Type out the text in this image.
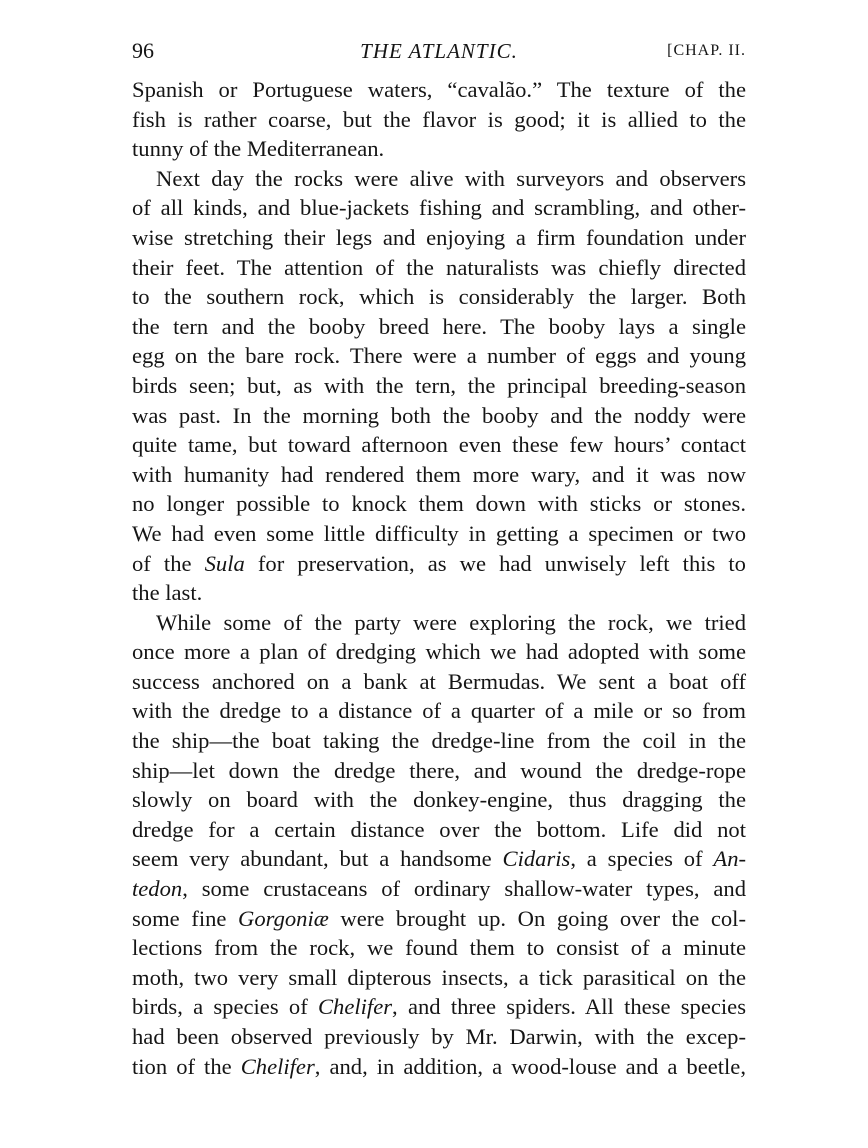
96	THE ATLANTIC.	[CHAP. II.

Spanish or Portuguese waters, “cavalão.” The texture of the
fish is rather coarse, but the flavor is good; it is allied to the
tunny of the Mediterranean.

Next day the rocks were alive with surveyors and observers
of all kinds, and blue-jackets fishing and scrambling, and other-
wise stretching their legs and enjoying a firm foundation under
their feet. The attention of the naturalists was chiefly directed
to the southern rock, which is considerably the larger. Both
the tern and the booby breed here. The booby lays a single
egg on the bare rock. There were a number of eggs and young
birds seen; but, as with the tern, the principal breeding-season
was past. In the morning both the booby and the noddy were
quite tame, but toward afternoon even these few hours’ contact
with humanity had rendered them more wary, and it was now
no longer possible to knock them down with sticks or stones.
We had even some little difficulty in getting a specimen or two
of the Sula for preservation, as we had unwisely left this to
the last.

While some of the party were exploring the rock, we tried
once more a plan of dredging which we had adopted with some
success anchored on a bank at Bermudas. We sent a boat off
with the dredge to a distance of a quarter of a mile or so from
the ship—the boat taking the dredge-line from the coil in the
ship—let down the dredge there, and wound the dredge-rope
slowly on board with the donkey-engine, thus dragging the
dredge for a certain distance over the bottom. Life did not
seem very abundant, but a handsome Cidaris, a species of An-
tedon, some crustaceans of ordinary shallow-water types, and
some fine Gorgoniæ were brought up. On going over the col-
lections from the rock, we found them to consist of a minute
moth, two very small dipterous insects, a tick parasitical on the
birds, a species of Chelifer, and three spiders. All these species
had been observed previously by Mr. Darwin, with the excep-
tion of the Chelifer, and, in addition, a wood-louse and a beetle,
